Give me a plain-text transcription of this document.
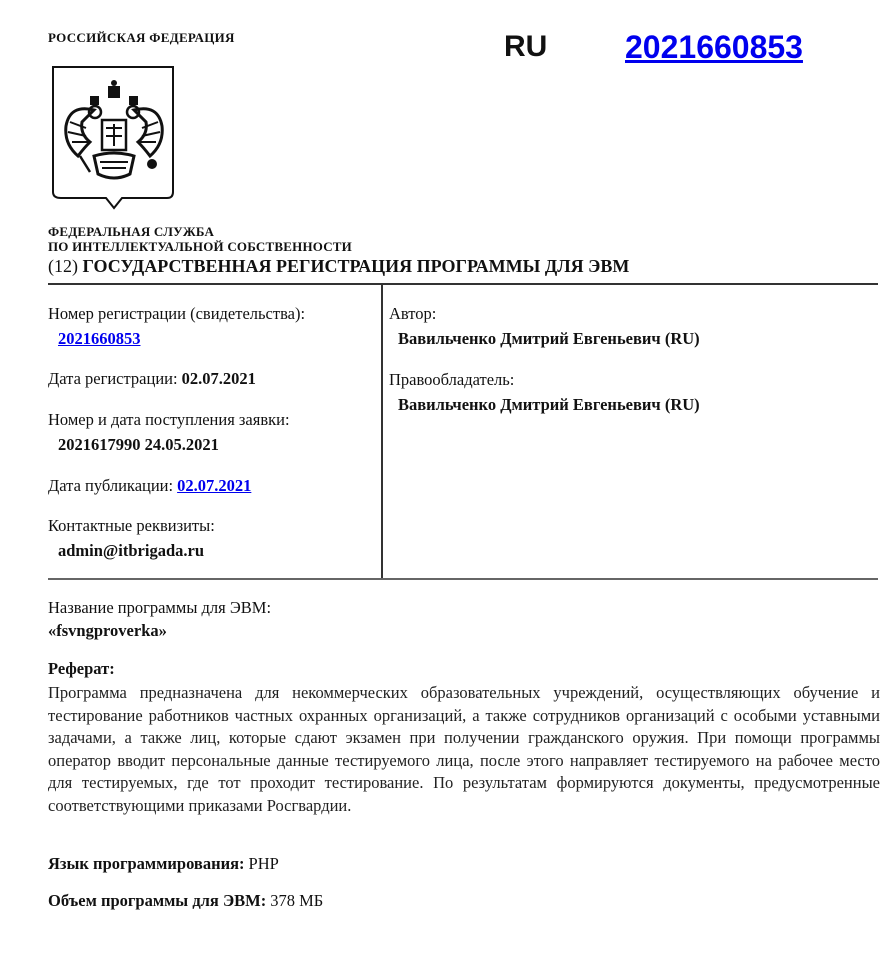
РОССИЙСКАЯ ФЕДЕРАЦИЯ	RU 2021660853
ФЕДЕРАЛЬНАЯ СЛУЖБА
ПО ИНТЕЛЛЕКТУАЛЬНОЙ СОБСТВЕННОСТИ
(12) ГОСУДАРСТВЕННАЯ РЕГИСТРАЦИЯ ПРОГРАММЫ ДЛЯ ЭВМ
Номер регистрации (свидетельства):
2021660853
Дата регистрации: 02.07.2021
Номер и дата поступления заявки:
2021617990 24.05.2021
Дата публикации: 02.07.2021
Контактные реквизиты:
admin@itbrigada.ru
Автор:
Вавильченко Дмитрий Евгеньевич (RU)
Правообладатель:
Вавильченко Дмитрий Евгеньевич (RU)
Название программы для ЭВМ:
«fsvngproverka»
Реферат:
Программа предназначена для некоммерческих образовательных учреждений, осуществляющих обучение и тестирование работников частных охранных организаций, а также сотрудников организаций с особыми уставными задачами, а также лиц, которые сдают экзамен при получении гражданского оружия. При помощи программы оператор вводит персональные данные тестируемого лица, после этого направляет тестируемого на рабочее место для тестируемых, где тот проходит тестирование. По результатам формируются документы, предусмотренные соответствующими приказами Росгвардии.
Язык программирования: PHP
Объем программы для ЭВМ: 378 МБ
